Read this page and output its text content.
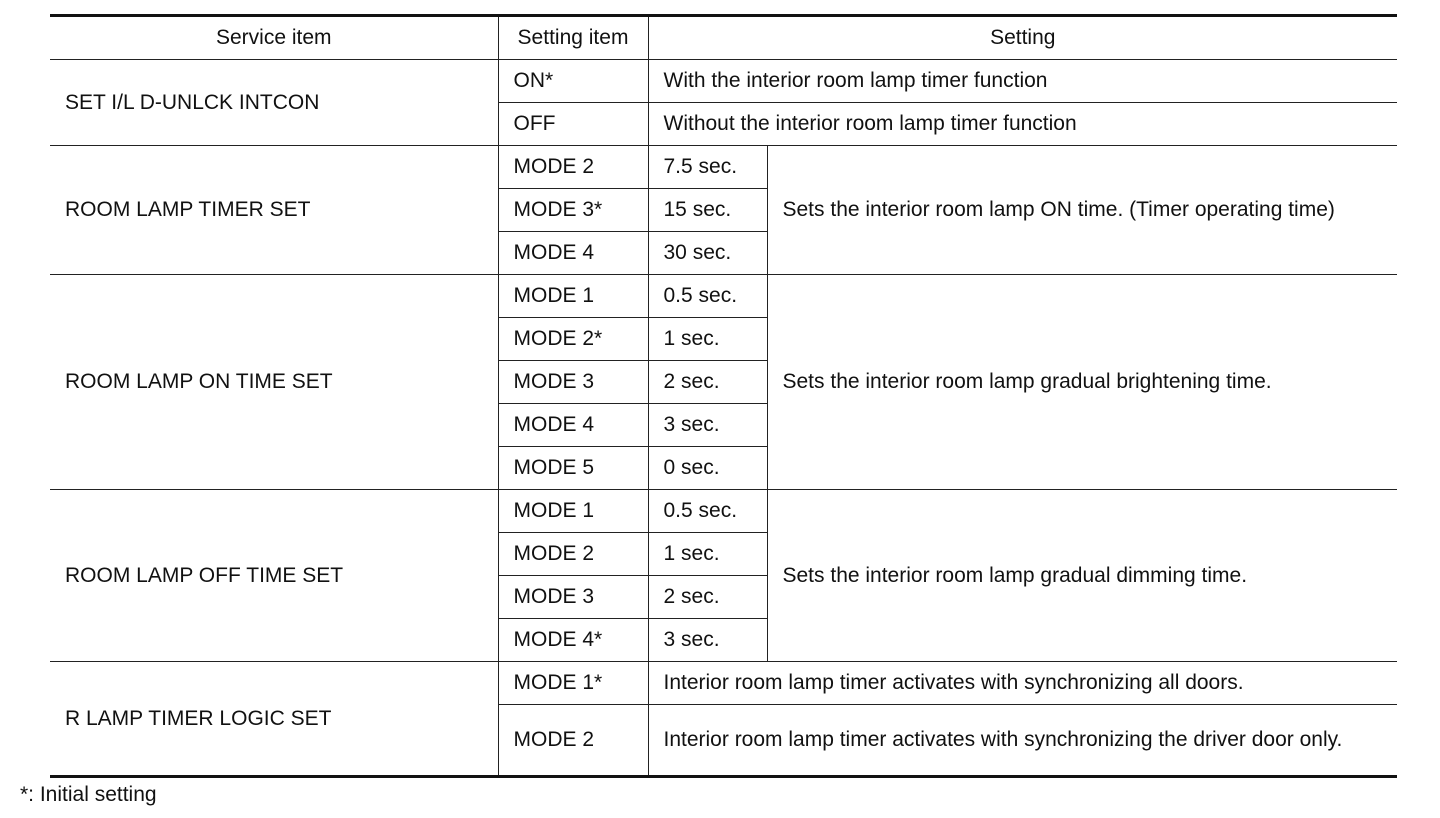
Service item	Setting item	Setting	
SET I/L D-UNLCK INTCON	ON*	With the interior room lamp timer function	
	OFF	Without the interior room lamp timer function	
ROOM LAMP TIMER SET	MODE 2	7.5 sec.	Sets the interior room lamp ON time. (Timer operating time)
	MODE 3*	15 sec.	
	MODE 4	30 sec.	
ROOM LAMP ON TIME SET	MODE 1	0.5 sec.	Sets the interior room lamp gradual brightening time.
	MODE 2*	1 sec.	
	MODE 3	2 sec.	
	MODE 4	3 sec.	
	MODE 5	0 sec.	
ROOM LAMP OFF TIME SET	MODE 1	0.5 sec.	Sets the interior room lamp gradual dimming time.
	MODE 2	1 sec.	
	MODE 3	2 sec.	
	MODE 4*	3 sec.	
R LAMP TIMER LOGIC SET	MODE 1*	Interior room lamp timer activates with synchronizing all doors.	
	MODE 2	Interior room lamp timer activates with synchronizing the driver door only.	
*: Initial setting
